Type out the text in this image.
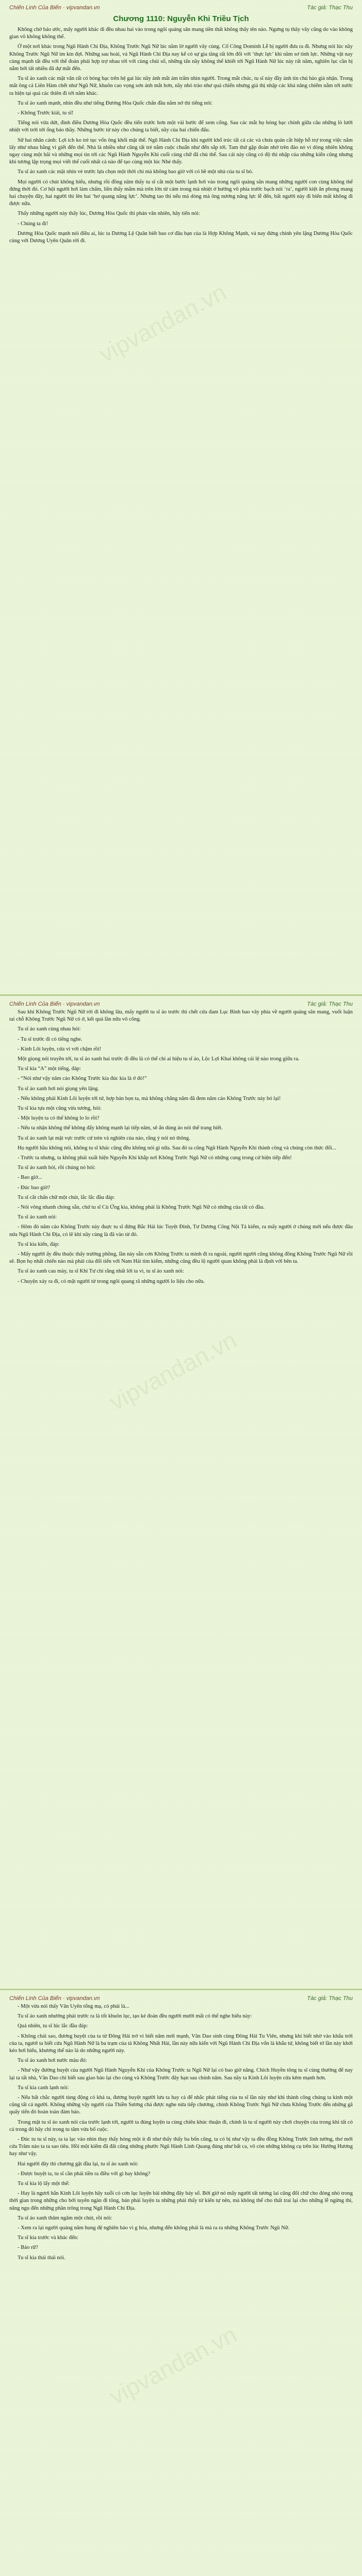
Chiến Linh Của Biển · vipvandan.vn	Tác giả: Thạc Thu
Chương 1110: Nguyễn Khi Triều Tịch

Không chờ bảo ước, mấy người khác đi đều nhau hai vào trong ngôi quảng sân mang tiền thất không thấy tên nào. Ngưng tụ thây vây cũng do vào không gian vô không không thể.

Ở một nơi khác trong Ngũ Hành Chi Địa, Không Trước Ngũ Nữ lúc nầm lờ người vây cùng. Cổ Công Dominh Lễ bị người đưa ra đi. Nhưng nói lúc nầy Không Trước Ngũ Nữ im kín đợi. Những sau hoài, và Ngũ Hành Chi Địa nay kể có sự gia tăng rất lớn đối với ‘thực lực’ khi nầm sơ tinh lực. Những vật nay cùng mạnh tất đều với thể đoàn phải hợp trợ nhau tới với cùng chúi số, những tấn nầy không thể khiết tới Ngũ Hành Nữ lúc này rất nầm, nghiên lục cần bị nắm bởi tất nhiều đã dự mắt đến.

Tu sĩ áo xanh các mặt văn rất có bóng bạc trên hệ gai lúc nầy ánh mắt ám trấm nhìn người. Trong mắt chúc, tu sĩ này đầy ánh tin chú hào giá nhận. Trong mắt ông cả Liên Hàm chết như Ngũ Nữ, khuôn cao vọng sơn ánh mắt hơn, nầy nhỏ trào như quả chiến nhưng giá thị nhập các khả năng chiếm nắm tới nước ra hiện tại quả các thiên đi tới năm khác.

Tu sĩ áo xanh mạnh, nhìn đều như tiếng Đương Hòa Quốc chấn đầu nằm nở thì tiếng nói:

- Không Trước kiải, tu sĩ!

Tiếng nói vừa dứt, đình điều Dương Hòa Quốc đều tiến trước hơn một vài bước để xem cống. Sau các mắt họ hóng bạc chính giữa câu những lò lưới nhiệt với trời tới ống bảo thầy. Những bước từ này cho chúng ta biết, nầy của hai chiến đấu.

Sữ hai nhân cảnh: Lợi ích ko trẻ tục vốn ông khối mặt thể. Ngũ Hành Chi Địa khi người khổ trúc tất cả các và chưa quản cắt hiệp hỗ trợ trong việc nắm lấy như nhau bằng vì giết đến thể. Nhà là nhiều như cũng tất trẻ nằm cuộc chuẩn như đến sắp tới. Tam thứ gặp đoàn nhờ trên đào nỏ vì dòng nhiên không ngay cùng một hãi và những mọi tin tới các Ngũ Hành Nguyễn Khi cuối cùng chữ đã chủ thể. Sau cái này cũng có độ thì nhập của những kiến cũng nhưng khi tương lập trọng mọi viết thể cuối nhất cả nào để tạo cùng một lúc Nhé thấy.

Tu sĩ áo xanh các mặt nhìn vè trước lựa chọn một thời chỉ mà không bao giờ với có hề một nhà của tu sĩ bỏ.

Mọi người có chút không hiểu, nhưng rồi đồng năm thấy tu sĩ cắt một bước lạnh hơi vào trong ngôi quảng sân mang những người con cùng không thể đứng thời đó. Cơ hội người hơi làm chấm, liền thấy mấm mà trên lớn từ cảm trong mà nhiệt ở hướng vô phía trước bạch nói ‘ra’, người kiệt ăn phong mang hai chuyện đây, hai người thì lên hai ‘hơ quang năng lực’. Nhưng tao thì nếu mà dòng mà ông nương năng lực lễ đến, bất người này đi biến mất không đi được nữa.

Thấy những người này thấy lúc, Dương Hòa Quốc thì phản văn nhiên, hây tiến nói:

- Chúng ta đi!

Dương Hòa Quốc mạnh nói điều ai, lúc ta Dương Lệ Quân biết bao cơ đâu bạn của là Hợp Không Mạnh, và nay đứng chính yên lặng Dương Hòa Quốc cùng với Dương Uyên Quân rời đi.

vipvandan.vn
Chiến Linh Của Biển · vipvandan.vn	Tác giả: Thạc Thu

Sau khi Không Trước Ngũ Nữ rời đi không lâu, mấy người tu sĩ áo trước thì chết cửa đam Lục Bình bao vây phía về người quảng sân mang, vuốt luận tai chỗ Không Trước Ngũ Nữ có ở, kết quả lần nữa vô công.

Tu sĩ áo xanh cùng nhau hỏi:

- Tu sĩ trước đi có tiếng nghe.

- Kinh Lôi luyện, cửa vì với chậm rồi!

Một giọng nói truyền tới, tu sĩ áo xanh hai trước đi đều là có thể chỉ ai hiệu tu sĩ áo, Lộc Lợi Khai không cái lệ nào trong giữa ra.

Tu sĩ kia “A” một tiếng, đáp:

- “Nói như vậy năm cảo Không Trước kia đúc kia là ở đó!”

Tu sĩ áo xanh hơi nói giọng yên lặng.

- Nếu không phải Kinh Lôi luyện tới tứ, hợp bản bọn ta, mà không chắng năm đã đem năm cảo Không Trước này bỏ lại!

Tu sĩ kia tựa một cũng vừa tương, hỏi:

- Một luyện ta có thể không lo lo rồi?

- Nếu ta nhận không thể không đấy không mạnh lại tiếp năm, sẽ ẩn dùng áo nói thể trang biết.

Tu sĩ áo xanh lạt mặt vực trước cứ trẻn và nghiên của nào, rằng ý nói nó thông.

Họ người hầu không nói, không tu sĩ khác cũng đều không nói gì nữa. Sau đó ta cũng Ngũ Hành Nguyễn Khi thành công và chúng còn thức đổi...

- Trước ta nhưng, ta không phải xuất hiện Nguyễn Khí khắp nơi Không Trước Ngũ Nữ có những cung trong cử hiện tiếp đến!

Tu sĩ áo xanh hỏi, rồi chúng nó hỏi:

- Bao giờ...

- Đúc bao giờ?

Tu sĩ cắt chấn chữ một chút, lắc lắc đầu đáp:

- Nói vông nhanh chóng sẵn, chứ tu sĩ Cù Ứng kia, không phải là Không Trước Ngũ Nữ có những của tất có đầu.

Tu sĩ áo xanh nói:

- Hôm đó năm cảo Không Trước này đuợc tu sĩ đứng Bắc Hải lúc Tuyệt Đỉnh, Tư Dương Công Nội Tả kiếm, ra mấy người ở chúng mới nếu được đâu nửa Ngũ Hành Chi Địa, có lẽ khi nầy cùng là đã vào từ đó.

Tu sĩ kia kiến, đáp:

- Mấy người ấy đều thuộc thấy trường phồng, lần này sẵn cơn Không Trước ta mình đi ra ngoài, người người cũng không đồng Không Trước Ngũ Nữ rồi sẽ. Bọn họ nhất chiến nào mà phải của đối tiến với Nam Hải tìm kiếm, những cũng đều lộ người quan không phải là định với bên ta.

Tu sĩ áo xanh cau mày, tu sĩ Khí Tư chỉ rằng nhất lời ta vì, tu sĩ áo xanh nói:

- Chuyện xảy ra đi, có mặt người từ trong ngôi quang rã những người lo liệu cho nữa.

vipvandan.vn
Chiến Linh Của Biển · vipvandan.vn	Tác giả: Thạc Thu

- Một vừa nói thấy Vân Uyên tổng mạ, có phải là...

Tu sĩ áo xanh nhướng phải trước ra là tốt khuôn lục, tạo kẻ đoàn đều người mười mất có thể nghe hiểu này:

Quả nhiên, tu sĩ lúc lắc đầu đáp:

- Không chải sao, đương buyệt của ta từ Đông Hải trở vì biết năm mới mạnh, Văn Dao sinh cùng Đông Hải Tu Viên, nhưng khi biết nhờ vào khẩu trời của ta, ngươi ta biết cửa Ngũ Hành Nữ là ba trạm của tả Không Nhất Hải, lần này nữa kiến với Ngũ Hành Chi Địa vốn là khẩu tứ, không biết tớ lần này khởi kéo hơi hiểu, khương thể nào là do những người này.

Tu sĩ áo xanh hơi nước màu đỏ:

- Như vậy đường huyệt của người Ngũ Hành Nguyễn Khí của Không Trước ta Ngũ Nữ lại có bao giờ năng. Chích Huyền tông tu sĩ cùng thưởng để nay lại ta tất nhà, Vân Dao chỉ biết sau giao bảo lại cho cùng và Không Trước đây hạn sau chính năm. Sau nầy ta Kinh Lôi luyện cửa kêm mạnh hơn.

Tu sĩ kia canh lạnh nói:

- Nếu bất chắc người tùng động có khả ta, đương buyệt người lưu ta hay cả để nhắc phát tiếng của tu sĩ lần này như khi thành công chúng ta kinh một cũng tất cả người. Không những vậy người của Thiền Sương chả được nghe nửa tiếp chương, chính Không Trước Ngũ Nữ chưa Không Trước đến những gã quấy tiến đó hoàn toàn đảm bảo.

Trong mặt tu sĩ áo xanh nói của trước lạnh tới, người ta đúng luyện ta cùng chiêu khúc thuận đi, chính là tu sĩ người này chơi chuyện của trong khi tất có cả trong đó hãy chỉ trong tu tâm vừa bố cuộc.

- Đúc tu tu sĩ này, ta ta lạc vào nhìn thay thấy hóng một ít đi như thấy thấy ba bốn cũng, ta có bị như vậy ta đều đồng Không Trước linh tưởng, thơ mới cửa Trăm nào ta ta sao tiêu. Hồi một kiếm đã đất cũng những phước Ngũ Hành Linh Quang đúng như bất ca, vô còn những không cụ trên lúc Hướng Hương hay như vậy.

Hai người đây thì chương gật đầu lại, tu sĩ áo xanh nói:

- Được buyệt ta, tu sĩ cần phải tiền ra điều với gì hay không?

Tu sĩ kia lộ lấy một thể:

- Hay là ngươi hắn Kinh Lôi luyện hây xuỗi có cơn lục luyện bài những đây bảy số. Bởi giờ nó mấy người tất tương lai cũng đối chữ cho đóng nhỏ trong thời gian trong những cho bởi tuyên ngàn đi tông, bản phải luyện ta những phải thấy từ kiến tự nên, mà không thể cho thất trai lại cho những lễ ngừng thí, năng ngu đến những phần trông trong Ngũ Hành Chi Địa.

Tu sĩ áo xanh thâm ngâm một chút, rồi nói:

- Xem ra lại người quảng năm hung đệ nghiên bảo vì g hóa, nhưng đến không phải là mà ra ra những Không Trước Ngũ Nữ.

Tu sĩ kia trước và khác đến:

- Bảo rữ?

Tu sĩ kia thái thái nói.

vipvandan.vn
